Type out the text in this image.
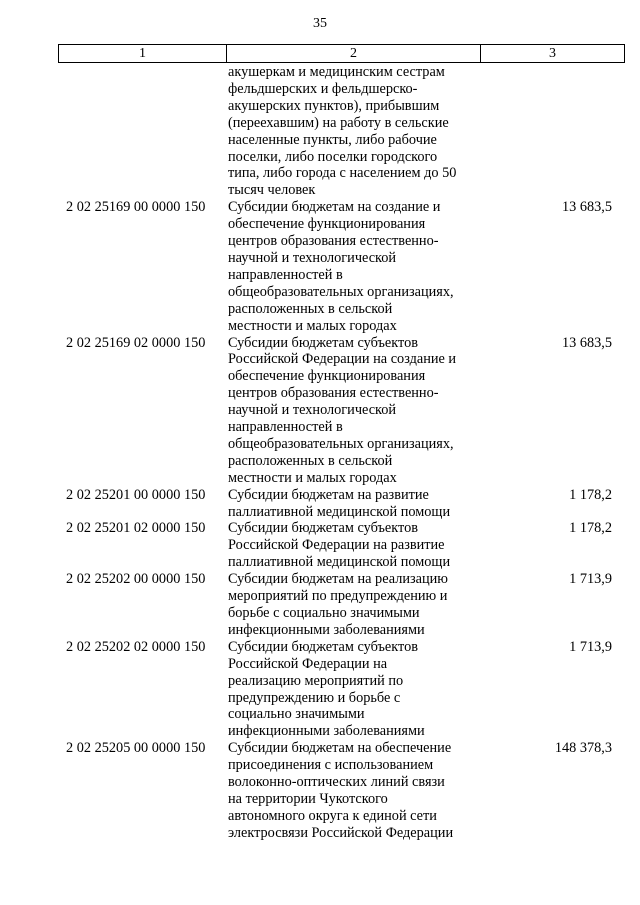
35
1	2	3
акушеркам и медицинским сестрам
фельдшерских и фельдшерско-
акушерских пунктов), прибывшим
(переехавшим) на работу в сельские
населенные пункты, либо рабочие
поселки, либо поселки городского
типа, либо города с населением до 50
тысяч человек
2 02 25169 00 0000 150	Субсидии бюджетам на создание и
обеспечение функционирования
центров образования естественно-
научной и технологической
направленностей в
общеобразовательных организациях,
расположенных в сельской
местности и малых городах
13 683,5
2 02 25169 02 0000 150	Субсидии бюджетам субъектов
Российской Федерации на создание и
обеспечение функционирования
центров образования естественно-
научной и технологической
направленностей в
общеобразовательных организациях,
расположенных в сельской
местности и малых городах
13 683,5
2 02 25201 00 0000 150	Субсидии бюджетам на развитие
паллиативной медицинской помощи
1 178,2
2 02 25201 02 0000 150	Субсидии бюджетам субъектов
Российской Федерации на развитие
паллиативной медицинской помощи
1 178,2
2 02 25202 00 0000 150	Субсидии бюджетам на реализацию
мероприятий по предупреждению и
борьбе с социально значимыми
инфекционными заболеваниями
1 713,9
2 02 25202 02 0000 150	Субсидии бюджетам субъектов
Российской Федерации на
реализацию мероприятий по
предупреждению и борьбе с
социально значимыми
инфекционными заболеваниями
1 713,9
2 02 25205 00 0000 150	Субсидии бюджетам на обеспечение
присоединения с использованием
волоконно-оптических линий связи
на территории Чукотского
автономного округа к единой сети
электросвязи Российской Федерации
148 378,3
